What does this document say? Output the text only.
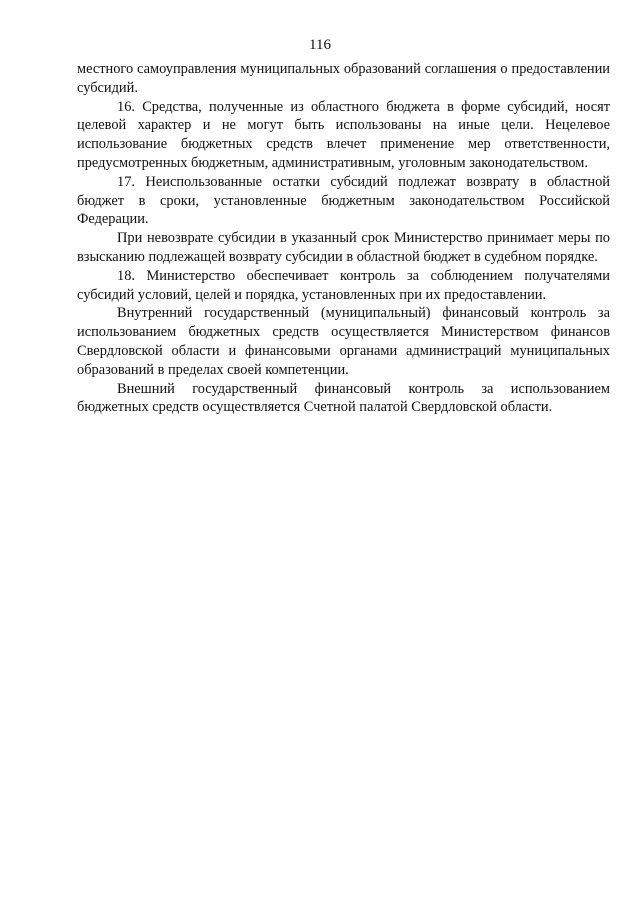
116

местного самоуправления муниципальных образований соглашения о предоставлении субсидий.

16. Средства, полученные из областного бюджета в форме субсидий, носят целевой характер и не могут быть использованы на иные цели. Нецелевое использование бюджетных средств влечет применение мер ответственности, предусмотренных бюджетным, административным, уголовным законодательством.

17. Неиспользованные остатки субсидий подлежат возврату в областной бюджет в сроки, установленные бюджетным законодательством Российской Федерации.

При невозврате субсидии в указанный срок Министерство принимает меры по взысканию подлежащей возврату субсидии в областной бюджет в судебном порядке.

18. Министерство обеспечивает контроль за соблюдением получателями субсидий условий, целей и порядка, установленных при их предоставлении.

Внутренний государственный (муниципальный) финансовый контроль за использованием бюджетных средств осуществляется Министерством финансов Свердловской области и финансовыми органами администраций муниципальных образований в пределах своей компетенции.

Внешний государственный финансовый контроль за использованием бюджетных средств осуществляется Счетной палатой Свердловской области.
